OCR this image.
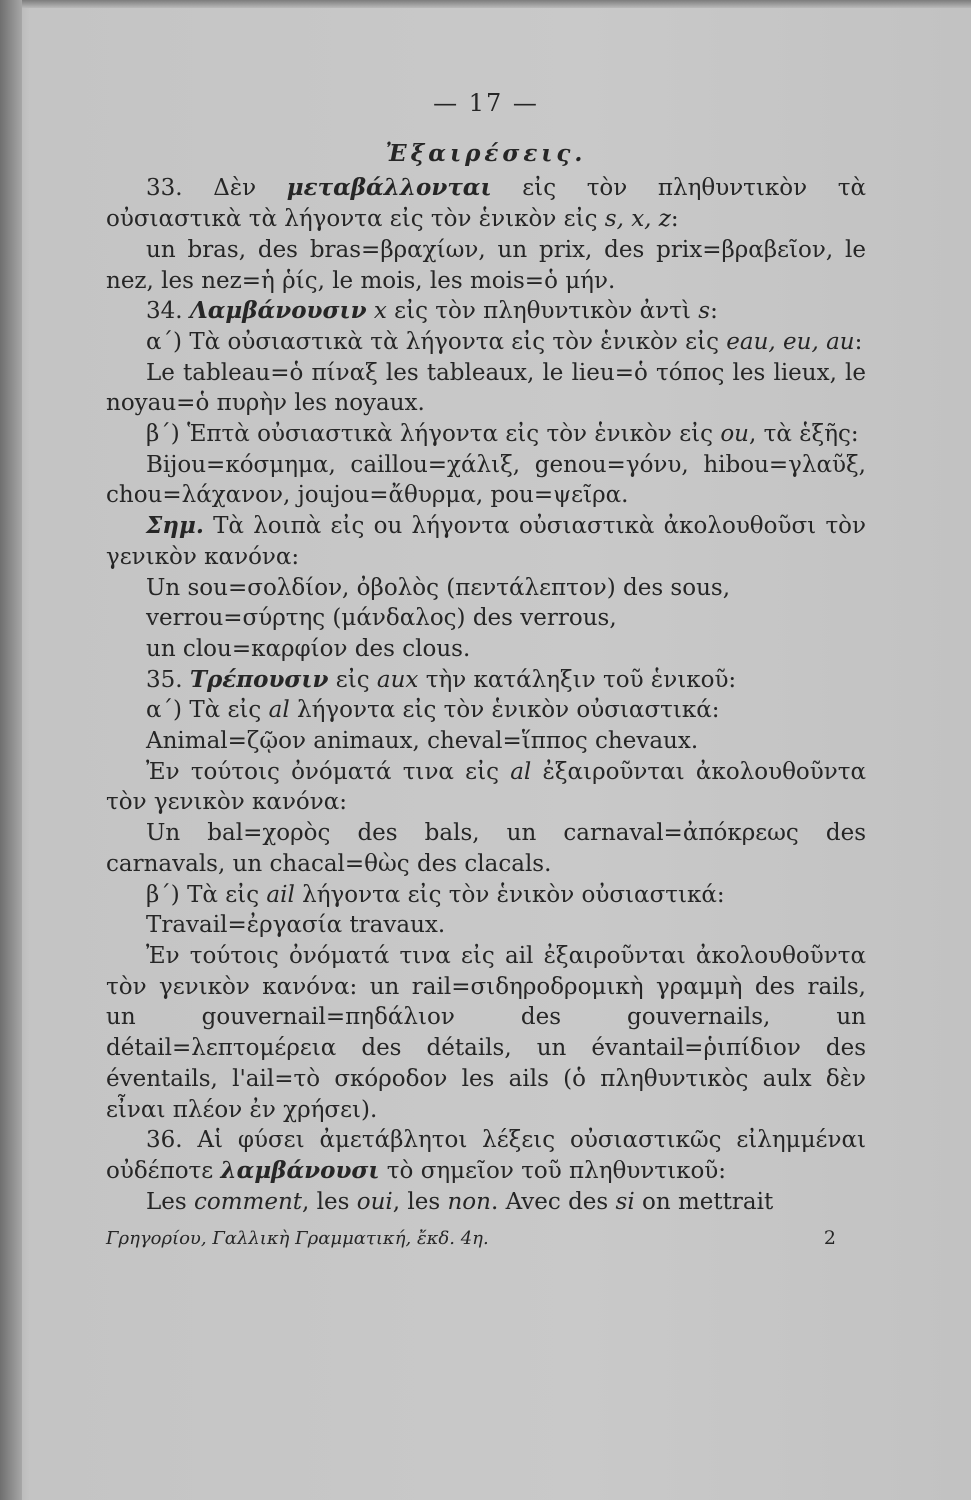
— 17 —

Ἐξαιρέσεις.

33. Δὲν μεταβάλλονται εἰς τὸν πληθυντικὸν τὰ οὐσιαστικὰ τὰ λήγοντα εἰς τὸν ἑνικὸν εἰς s, x, z:

un bras, des bras=βραχίων, un prix, des prix=βραβεῖον, le nez, les nez=ἡ ῥίς, le mois, les mois=ὁ μήν.

34. Λαμβάνουσιν x εἰς τὸν πληθυντικὸν ἀντὶ s:

α΄) Τὰ οὐσιαστικὰ τὰ λήγοντα εἰς τὸν ἑνικὸν εἰς eau, eu, au:

Le tableau=ὁ πίναξ les tableaux, le lieu=ὁ τόπος les lieux, le noyau=ὁ πυρὴν les noyaux.

β΄) Ἑπτὰ οὐσιαστικὰ λήγοντα εἰς τὸν ἑνικὸν εἰς ou, τὰ ἑξῆς:

Bijou=κόσμημα, caillou=χάλιξ, genou=γόνυ, hibou=γλαῦξ, chou=λάχανον, joujou=ἄθυρμα, pou=ψεῖρα.

Σημ. Τὰ λοιπὰ εἰς ou λήγοντα οὐσιαστικὰ ἀκολουθοῦσι τὸν γενικὸν κανόνα:

Un sou=σολδίον, ὀβολὸς (πεντάλεπτον) des sous,

verrou=σύρτης (μάνδαλος) des verrous,

un clou=καρφίον des clous.

35. Τρέπουσιν εἰς aux τὴν κατάληξιν τοῦ ἑνικοῦ:

α΄) Τὰ εἰς al λήγοντα εἰς τὸν ἑνικὸν οὐσιαστικά:

Animal=ζῷον animaux, cheval=ἵππος chevaux.

Ἐν τούτοις ὀνόματά τινα εἰς al ἐξαιροῦνται ἀκολουθοῦντα τὸν γενικὸν κανόνα:

Un bal=χορὸς des bals, un carnaval=ἀπόκρεως des carnavals, un chacal=θὼς des clacals.

β΄) Τὰ εἰς ail λήγοντα εἰς τὸν ἑνικὸν οὐσιαστικά:

Travail=ἐργασία travaux.

Ἐν τούτοις ὀνόματά τινα εἰς ail ἐξαιροῦνται ἀκολουθοῦντα τὸν γενικὸν κανόνα: un rail=σιδηροδρομικὴ γραμμὴ des rails, un gouvernail=πηδάλιον des gouvernails, un détail=λεπτομέρεια des détails, un évantail=ῥιπίδιον des éventails, l'ail=τὸ σκόροδον les ails (ὁ πληθυντικὸς aulx δὲν εἶναι πλέον ἐν χρήσει).

36. Αἱ φύσει ἀμετάβλητοι λέξεις οὐσιαστικῶς εἰλημμέναι οὐδέποτε λαμβάνουσι τὸ σημεῖον τοῦ πληθυντικοῦ:

Les comment, les oui, les non. Avec des si on mettrait

Γρηγορίου, Γαλλικὴ Γραμματική, ἔκδ. 4η.	2
